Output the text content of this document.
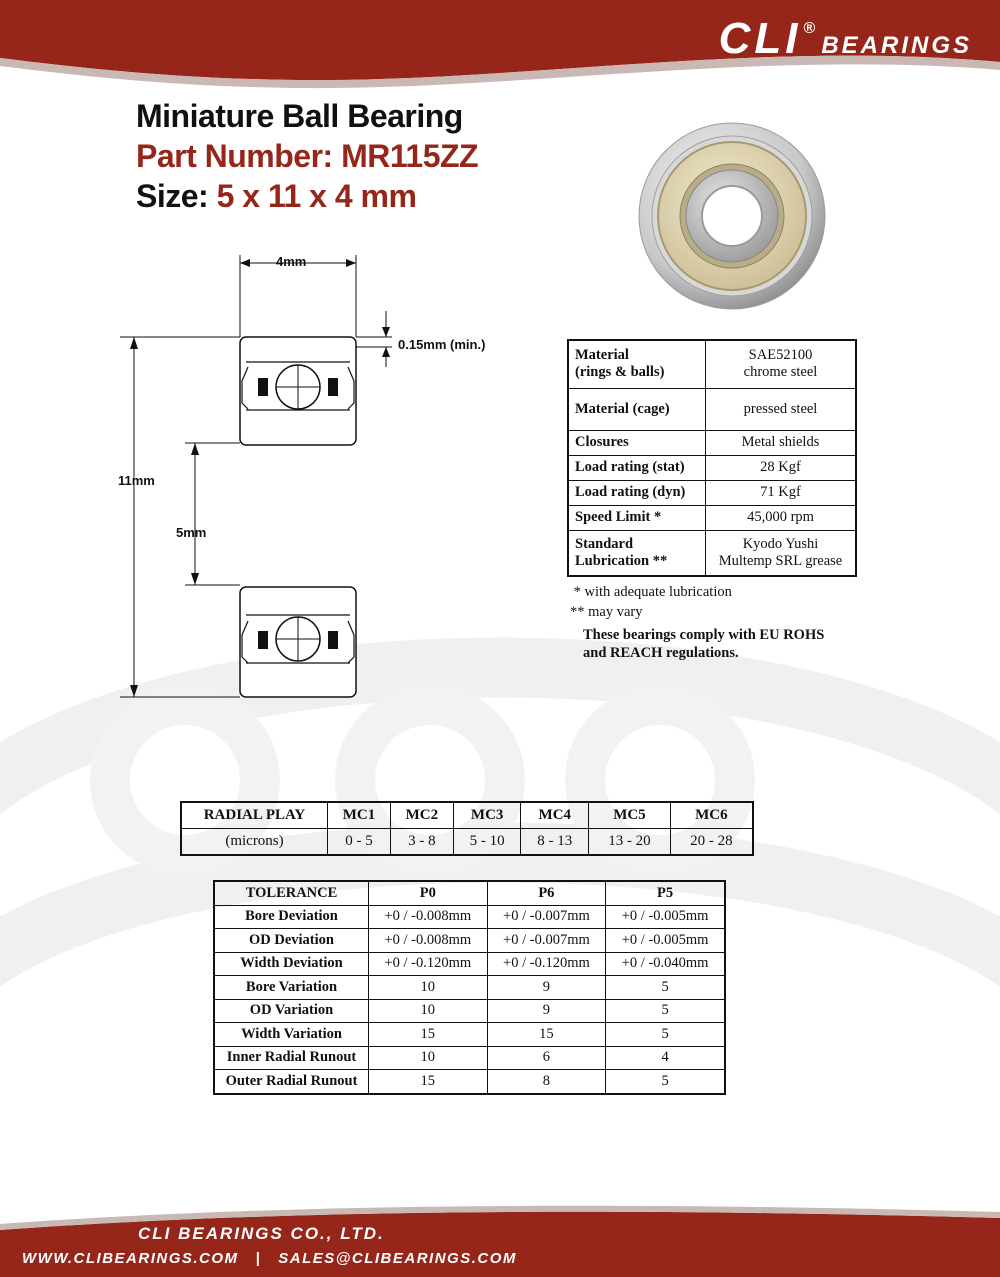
CLI ®BEARINGS
Miniature Ball Bearing
Part Number: MR115ZZ
Size: 5 x 11 x 4 mm
4mm
0.15mm (min.)
11mm
5mm
Material
(rings & balls)	SAE52100
chrome steel
Material (cage)	pressed steel
Closures	Metal shields
Load rating (stat)	28 Kgf
Load rating (dyn)	71 Kgf
Speed Limit *	45,000 rpm
Standard
Lubrication **	Kyodo Yushi
Multemp SRL grease
* with adequate lubrication
** may vary
These bearings comply with EU ROHS
and REACH regulations.
RADIAL PLAY	MC1	MC2	MC3	MC4	MC5	MC6
(microns)	0 - 5	3 - 8	5 - 10	8 - 13	13 - 20	20 - 28
TOLERANCE	P0	P6	P5
Bore Deviation	+0 / -0.008mm	+0 / -0.007mm	+0 / -0.005mm
OD Deviation	+0 / -0.008mm	+0 / -0.007mm	+0 / -0.005mm
Width Deviation	+0 / -0.120mm	+0 / -0.120mm	+0 / -0.040mm
Bore Variation	10	9	5
OD Variation	10	9	5
Width Variation	15	15	5
Inner Radial Runout	10	6	4
Outer Radial Runout	15	8	5
CLI BEARINGS CO., LTD.
WWW.CLIBEARINGS.COM   |   SALES@CLIBEARINGS.COM
